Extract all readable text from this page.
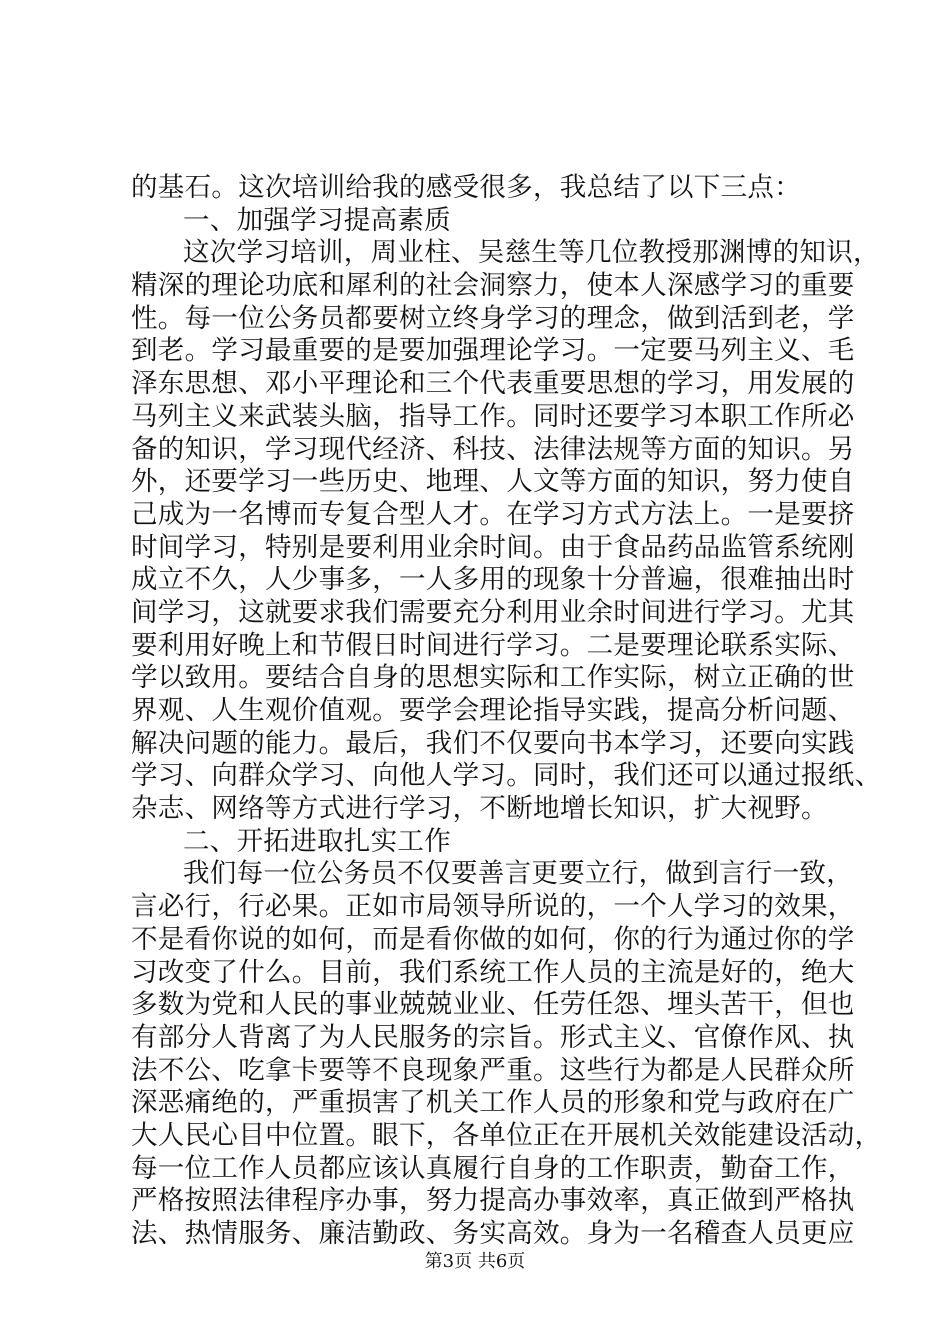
的基石。这次培训给我的感受很多，我总结了以下三点：
一、加强学习提高素质
这次学习培训，周业柱、吴慈生等几位教授那渊博的知识，
精深的理论功底和犀利的社会洞察力，使本人深感学习的重要
性。每一位公务员都要树立终身学习的理念，做到活到老，学
到老。学习最重要的是要加强理论学习。一定要马列主义、毛
泽东思想、邓小平理论和三个代表重要思想的学习，用发展的
马列主义来武装头脑，指导工作。同时还要学习本职工作所必
备的知识，学习现代经济、科技、法律法规等方面的知识。另
外，还要学习一些历史、地理、人文等方面的知识，努力使自
己成为一名博而专复合型人才。在学习方式方法上。一是要挤
时间学习，特别是要利用业余时间。由于食品药品监管系统刚
成立不久，人少事多，一人多用的现象十分普遍，很难抽出时
间学习，这就要求我们需要充分利用业余时间进行学习。尤其
要利用好晚上和节假日时间进行学习。二是要理论联系实际、
学以致用。要结合自身的思想实际和工作实际，树立正确的世
界观、人生观价值观。要学会理论指导实践，提高分析问题、
解决问题的能力。最后，我们不仅要向书本学习，还要向实践
学习、向群众学习、向他人学习。同时，我们还可以通过报纸、
杂志、网络等方式进行学习，不断地增长知识，扩大视野。
二、开拓进取扎实工作
我们每一位公务员不仅要善言更要立行，做到言行一致，
言必行，行必果。正如市局领导所说的，一个人学习的效果，
不是看你说的如何，而是看你做的如何，你的行为通过你的学
习改变了什么。目前，我们系统工作人员的主流是好的，绝大
多数为党和人民的事业兢兢业业、任劳任怨、埋头苦干，但也
有部分人背离了为人民服务的宗旨。形式主义、官僚作风、执
法不公、吃拿卡要等不良现象严重。这些行为都是人民群众所
深恶痛绝的，严重损害了机关工作人员的形象和党与政府在广
大人民心目中位置。眼下，各单位正在开展机关效能建设活动，
每一位工作人员都应该认真履行自身的工作职责，勤奋工作，
严格按照法律程序办事，努力提高办事效率，真正做到严格执
法、热情服务、廉洁勤政、务实高效。身为一名稽查人员更应
第3页 共6页
